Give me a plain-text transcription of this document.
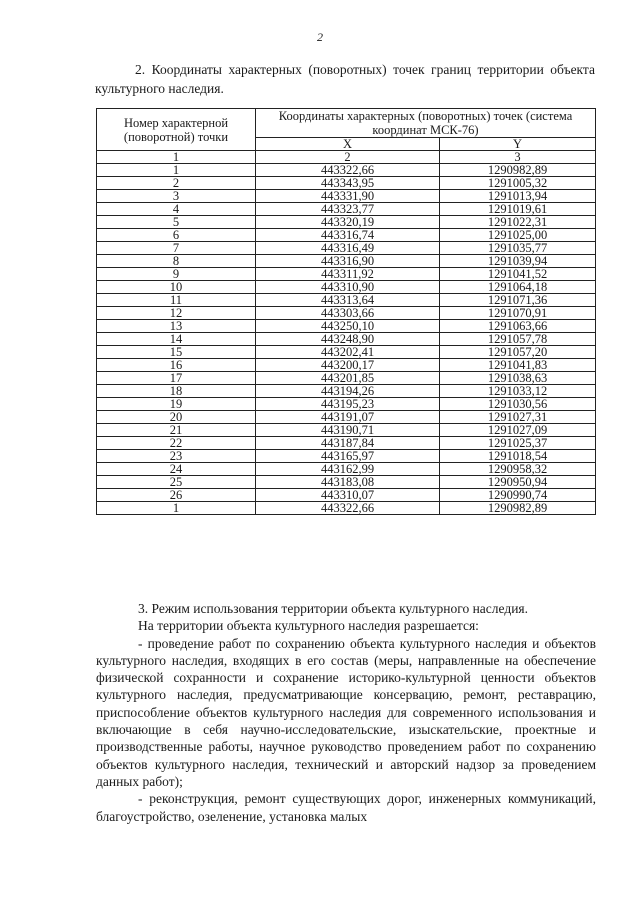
2
2. Координаты характерных (поворотных) точек границ территории объекта культурного наследия.
Номер характерной (поворотной) точки	Координаты характерных (поворотных) точек (система координат МСК-76)	
	X	Y
1	2	3
1	443322,66	1290982,89
2	443343,95	1291005,32
3	443331,90	1291013,94
4	443323,77	1291019,61
5	443320,19	1291022,31
6	443316,74	1291025,00
7	443316,49	1291035,77
8	443316,90	1291039,94
9	443311,92	1291041,52
10	443310,90	1291064,18
11	443313,64	1291071,36
12	443303,66	1291070,91
13	443250,10	1291063,66
14	443248,90	1291057,78
15	443202,41	1291057,20
16	443200,17	1291041,83
17	443201,85	1291038,63
18	443194,26	1291033,12
19	443195,23	1291030,56
20	443191,07	1291027,31
21	443190,71	1291027,09
22	443187,84	1291025,37
23	443165,97	1291018,54
24	443162,99	1290958,32
25	443183,08	1290950,94
26	443310,07	1290990,74
1	443322,66	1290982,89

3. Режим использования территории объекта культурного наследия.

На территории объекта культурного наследия разрешается:

- проведение работ по сохранению объекта культурного наследия и объектов культурного наследия, входящих в его состав (меры, направленные на обеспечение физической сохранности и сохранение историко-культурной ценности объектов культурного наследия, предусматривающие консервацию, ремонт, реставрацию, приспособление объектов культурного наследия для современного использования и включающие в себя научно-исследовательские, изыскательские, проектные и производственные работы, научное руководство проведением работ по сохранению объектов культурного наследия, технический и авторский надзор за проведением данных работ);

- реконструкция, ремонт существующих дорог, инженерных коммуникаций, благоустройство, озеленение, установка малых
